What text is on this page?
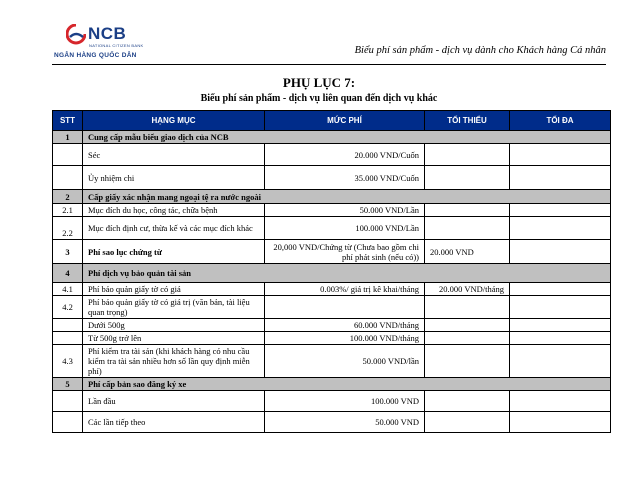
NCB
NATIONAL CITIZEN BANK
NGÂN HÀNG QUỐC DÂN	Biểu phí sản phẩm - dịch vụ dành cho Khách hàng Cá nhân
PHỤ LỤC 7:
Biểu phí sản phẩm - dịch vụ liên quan đến dịch vụ khác
STT	HẠNG MỤC	MỨC PHÍ	TỐI THIỂU	TỐI ĐA
1	Cung cấp mẫu biểu giao dịch của NCB			
	Séc	20.000 VND/Cuốn		
	Ủy nhiệm chi	35.000 VND/Cuốn		
2	Cấp giấy xác nhận mang ngoại tệ ra nước ngoài			
2.1	Mục đích du học, công tác, chữa bệnh	50.000 VND/Lần		
2.2	Mục đích định cư, thừa kế và các mục đích khác	100.000 VND/Lần		
3	Phí sao lục chứng từ	20,000 VND/Chứng từ (Chưa bao gồm chi phí phát sinh (nếu có))	20.000 VND	
4	Phí dịch vụ bảo quản tài sản			
4.1	Phí bảo quản giấy tờ có giá	0.003%/ giá trị kê khai/tháng	20.000 VND/tháng	
4.2	Phí bảo quản giấy tờ có giá trị (văn bản, tài liệu quan trọng)			
	Dưới 500g	60.000 VND/tháng		
	Từ 500g trở lên	100.000 VND/tháng		
4.3	Phí kiểm tra tài sản (khi khách hàng có nhu cầu kiểm tra tài sản nhiều hơn số lần quy định miễn phí)	50.000 VND/lần		
5	Phí cấp bản sao đăng ký xe			
	Lần đầu	100.000 VND		
	Các lần tiếp theo	50.000 VND		
